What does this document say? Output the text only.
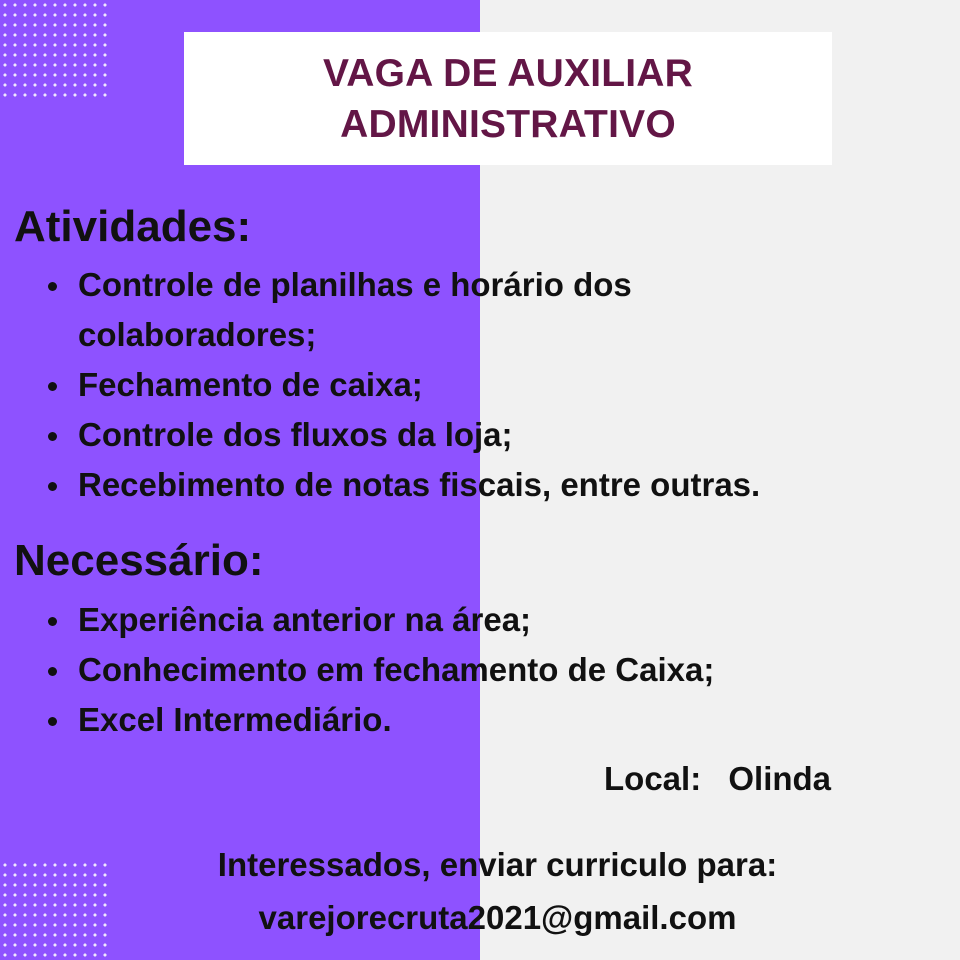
VAGA DE AUXILIAR
ADMINISTRATIVO
Atividades:
Controle de planilhas e horário dos
colaboradores;
Fechamento de caixa;
Controle dos fluxos da loja;
Recebimento de notas fiscais, entre outras.
Necessário:
Experiência anterior na área;
Conhecimento em fechamento de Caixa;
Excel Intermediário.
Local: Olinda
Interessados, enviar curriculo para:
varejorecruta2021@gmail.com
